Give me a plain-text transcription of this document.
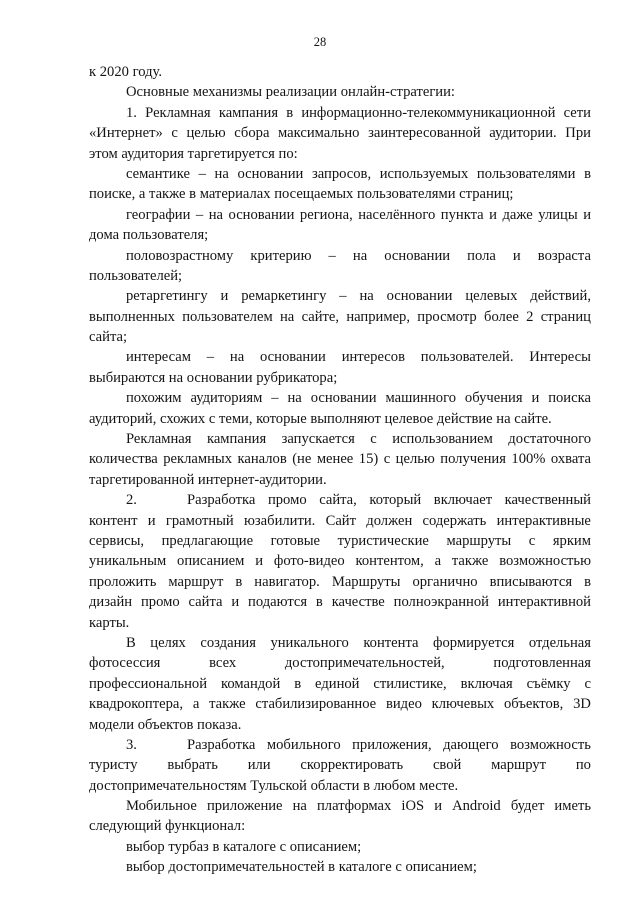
28
к 2020 году.
Основные механизмы реализации онлайн-стратегии:
1. Рекламная кампания в информационно-телекоммуникационной сети
«Интернет» с целью сбора максимально заинтересованной аудитории. При
этом аудитория таргетируется по:
семантике – на основании запросов, используемых пользователями в
поиске, а также в материалах посещаемых пользователями страниц;
географии – на основании региона, населённого пункта и даже улицы и
дома пользователя;
половозрастному критерию – на основании пола и возраста
пользователей;
ретаргетингу и ремаркетингу – на основании целевых действий,
выполненных пользователем на сайте, например, просмотр более 2 страниц
сайта;
интересам – на основании интересов пользователей. Интересы
выбираются на основании рубрикатора;
похожим аудиториям – на основании машинного обучения и поиска
аудиторий, схожих с теми, которые выполняют целевое действие на сайте.
Рекламная кампания запускается с использованием достаточного
количества рекламных каналов (не менее 15) с целью получения 100% охвата
таргетированной интернет-аудитории.
2.	Разработка промо сайта, который включает качественный
контент и грамотный юзабилити. Сайт должен содержать интерактивные
сервисы, предлагающие готовые туристические маршруты с ярким
уникальным описанием и фото-видео контентом, а также возможностью
проложить маршрут в навигатор. Маршруты органично вписываются в
дизайн промо сайта и подаются в качестве полноэкранной интерактивной
карты.
В целях создания уникального контента формируется отдельная
фотосессия	всех	достопримечательностей,	подготовленная
профессиональной командой в единой стилистике, включая съёмку с
квадрокоптера, а также стабилизированное видео ключевых объектов, 3D
модели объектов показа.
3.	Разработка мобильного приложения, дающего возможность
туристу выбрать или скорректировать свой маршрут по
достопримечательностям Тульской области в любом месте.
Мобильное приложение на платформах iOS и Android будет иметь
следующий функционал:
выбор турбаз в каталоге с описанием;
выбор достопримечательностей в каталоге с описанием;
